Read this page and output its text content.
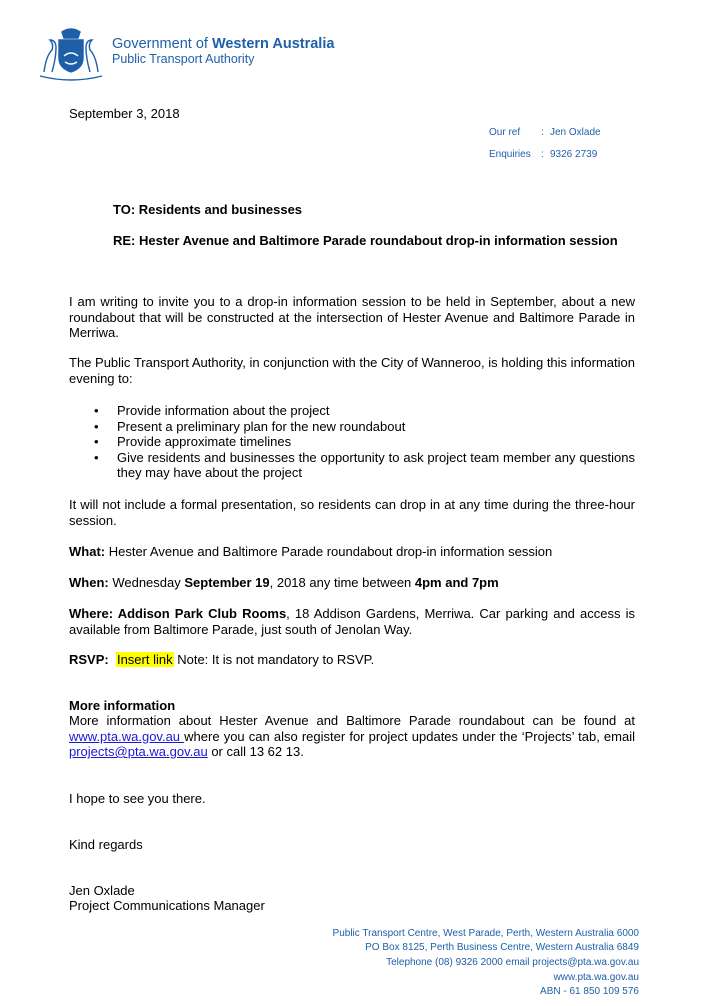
Government of Western Australia
Public Transport Authority
September 3, 2018
Our ref : Jen Oxlade
Enquiries : 9326 2739
TO: Residents and businesses
RE: Hester Avenue and Baltimore Parade roundabout drop-in information session
I am writing to invite you to a drop-in information session to be held in September, about a new roundabout that will be constructed at the intersection of Hester Avenue and Baltimore Parade in Merriwa.
The Public Transport Authority, in conjunction with the City of Wanneroo, is holding this information evening to:
• Provide information about the project
• Present a preliminary plan for the new roundabout
• Provide approximate timelines
• Give residents and businesses the opportunity to ask project team member any questions they may have about the project
It will not include a formal presentation, so residents can drop in at any time during the three-hour session.
What: Hester Avenue and Baltimore Parade roundabout drop-in information session
When: Wednesday September 19, 2018 any time between 4pm and 7pm
Where: Addison Park Club Rooms, 18 Addison Gardens, Merriwa. Car parking and access is available from Baltimore Parade, just south of Jenolan Way.
RSVP: Insert link Note: It is not mandatory to RSVP.
More information
More information about Hester Avenue and Baltimore Parade roundabout can be found at www.pta.wa.gov.au where you can also register for project updates under the ‘Projects’ tab, email projects@pta.wa.gov.au or call 13 62 13.
I hope to see you there.
Kind regards
Jen Oxlade
Project Communications Manager
Public Transport Centre, West Parade, Perth, Western Australia 6000
PO Box 8125, Perth Business Centre, Western Australia 6849
Telephone (08) 9326 2000 email projects@pta.wa.gov.au
www.pta.wa.gov.au
ABN - 61 850 109 576
